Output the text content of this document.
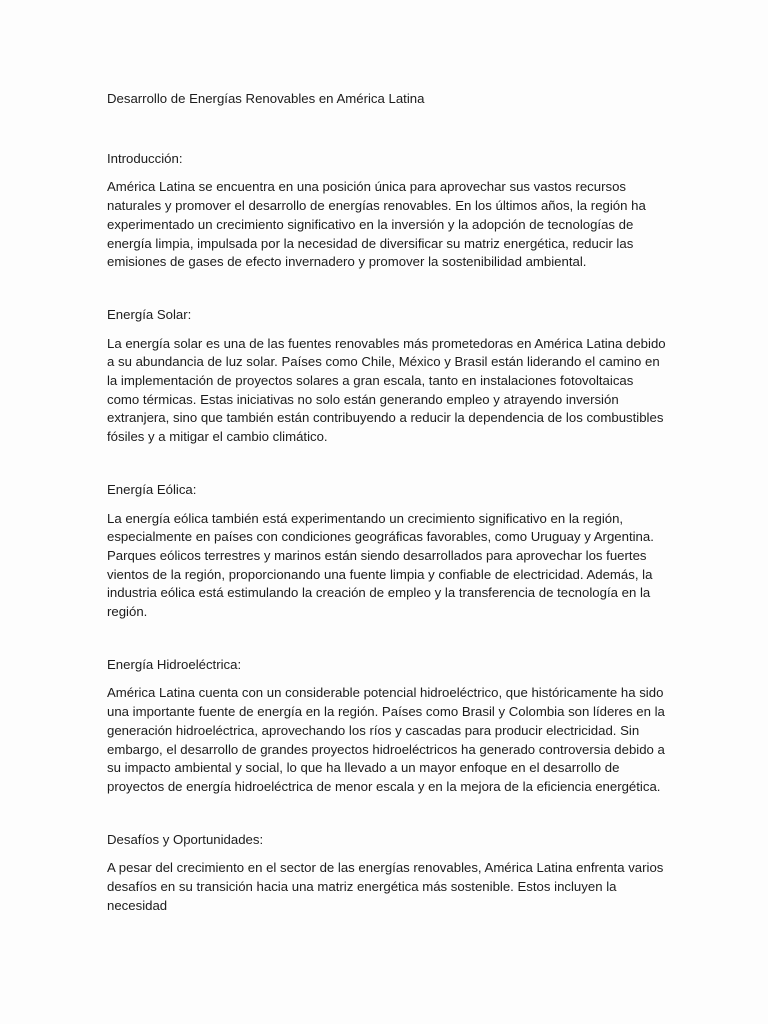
Desarrollo de Energías Renovables en América Latina

Introducción:

América Latina se encuentra en una posición única para aprovechar sus vastos recursos naturales y promover el desarrollo de energías renovables. En los últimos años, la región ha experimentado un crecimiento significativo en la inversión y la adopción de tecnologías de energía limpia, impulsada por la necesidad de diversificar su matriz energética, reducir las emisiones de gases de efecto invernadero y promover la sostenibilidad ambiental.

Energía Solar:

La energía solar es una de las fuentes renovables más prometedoras en América Latina debido a su abundancia de luz solar. Países como Chile, México y Brasil están liderando el camino en la implementación de proyectos solares a gran escala, tanto en instalaciones fotovoltaicas como térmicas. Estas iniciativas no solo están generando empleo y atrayendo inversión extranjera, sino que también están contribuyendo a reducir la dependencia de los combustibles fósiles y a mitigar el cambio climático.

Energía Eólica:

La energía eólica también está experimentando un crecimiento significativo en la región, especialmente en países con condiciones geográficas favorables, como Uruguay y Argentina. Parques eólicos terrestres y marinos están siendo desarrollados para aprovechar los fuertes vientos de la región, proporcionando una fuente limpia y confiable de electricidad. Además, la industria eólica está estimulando la creación de empleo y la transferencia de tecnología en la región.

Energía Hidroeléctrica:

América Latina cuenta con un considerable potencial hidroeléctrico, que históricamente ha sido una importante fuente de energía en la región. Países como Brasil y Colombia son líderes en la generación hidroeléctrica, aprovechando los ríos y cascadas para producir electricidad. Sin embargo, el desarrollo de grandes proyectos hidroeléctricos ha generado controversia debido a su impacto ambiental y social, lo que ha llevado a un mayor enfoque en el desarrollo de proyectos de energía hidroeléctrica de menor escala y en la mejora de la eficiencia energética.

Desafíos y Oportunidades:

A pesar del crecimiento en el sector de las energías renovables, América Latina enfrenta varios desafíos en su transición hacia una matriz energética más sostenible. Estos incluyen la necesidad
